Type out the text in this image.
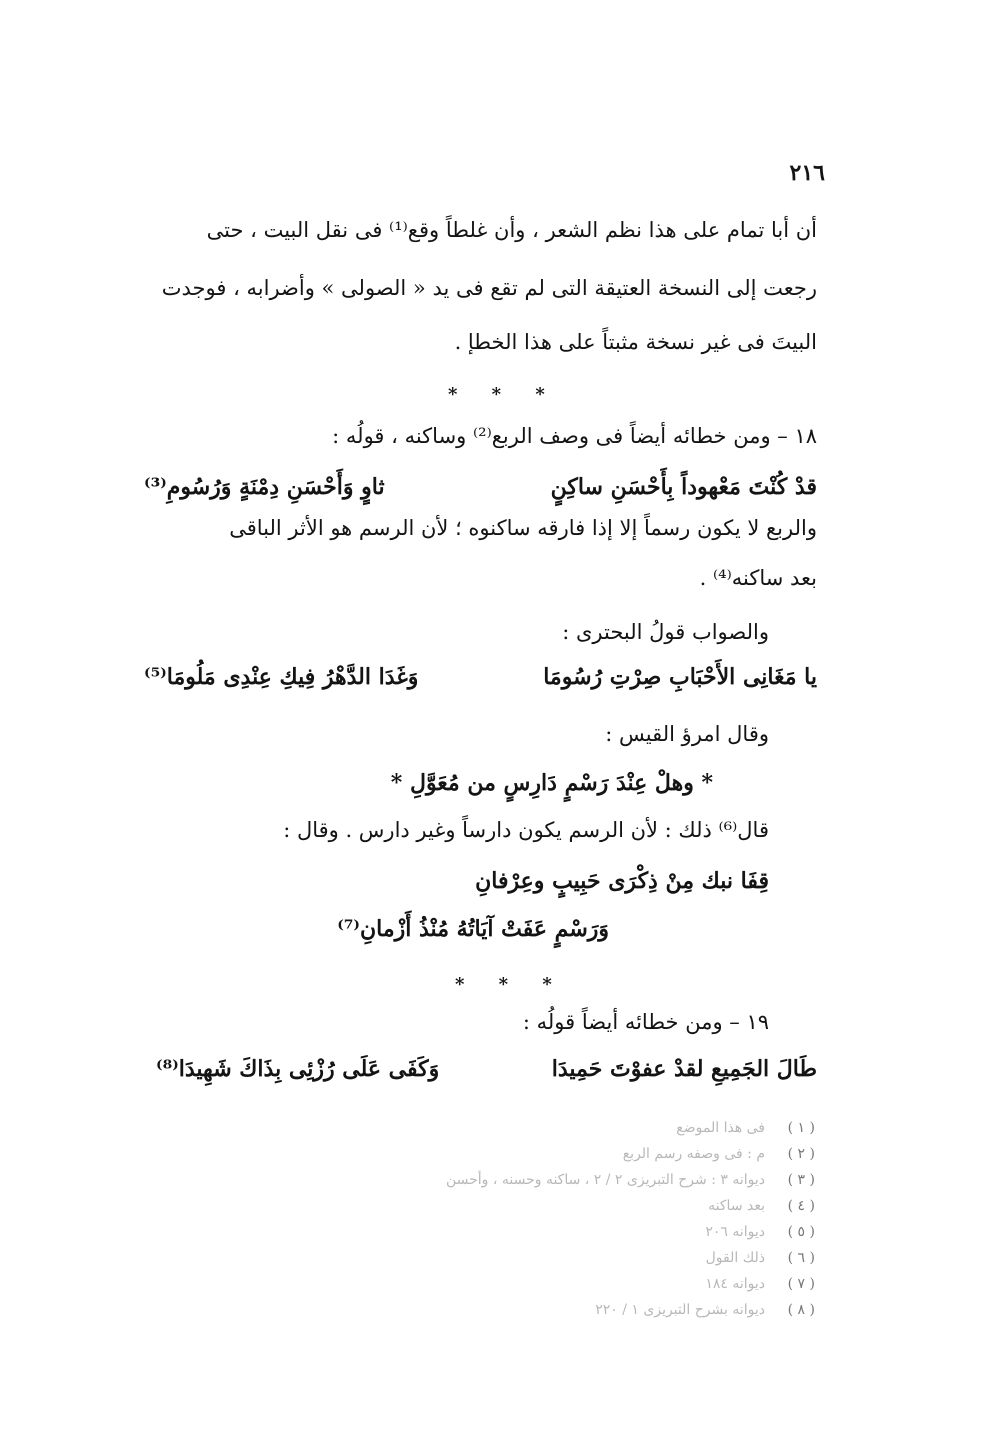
٢١٦
أن أبا تمام على هذا نظم الشعر ، وأن غلطاً وقع⁽¹⁾ فى نقل البيت ، حتى
رجعت إلى النسخة العتيقة التى لم تقع فى يد « الصولى » وأضرابه ، فوجدت
البيتَ فى غير نسخة مثبتاً على هذا الخطإ .
* * *
١٨ – ومن خطائه أيضاً فى وصف الربع⁽²⁾ وساكنه ، قولُه :
قدْ كُنْتَ مَعْهوداً بِأَحْسَنِ ساكِنٍ
ثاوٍ وَأَحْسَنِ دِمْنَةٍ وَرُسُومِ⁽³⁾
والربع لا يكون رسماً إلا إذا فارقه ساكنوه ؛ لأن الرسم هو الأثر الباقى
بعد ساكنه⁽⁴⁾ .
والصواب قولُ البحترى :
يا مَغَانِى الأَحْبَابِ صِرْتِ رُسُومَا
وَغَدَا الدَّهْرُ فِيكِ عِنْدِى مَلُومَا⁽⁵⁾
وقال امرؤ القيس :
* وهلْ عِنْدَ رَسْمٍ دَارِسٍ من مُعَوَّلِ *
قال⁽⁶⁾ ذلك : لأن الرسم يكون دارساً وغير دارس . وقال :
قِفَا نبك مِنْ ذِكْرَى حَبِيبٍ وعِرْفانِ
وَرَسْمٍ عَفَتْ آيَاتُهُ مُنْذُ أَزْمانِ⁽⁷⁾
* * *
١٩ – ومن خطائه أيضاً قولُه :
طَالَ الجَمِيعِ لقدْ عفوْتَ حَمِيدَا
وَكَفَى عَلَى رُزْئِى بِذَاكَ شَهِيدَا⁽⁸⁾
( ١ )فى هذا الموضع
( ٢ )م : فى وصفه رسم الربع
( ٣ )ديوانه ٣ : شرح التبريزى ٢ / ٢ ، ساكنه وحسنه ، وأحسن
( ٤ )بعد ساكنه
( ٥ )ديوانه ٢٠٦
( ٦ )ذلك القول
( ٧ )ديوانه ١٨٤
( ٨ )ديوانه بشرح التبريزى ١ / ٢٢٠
